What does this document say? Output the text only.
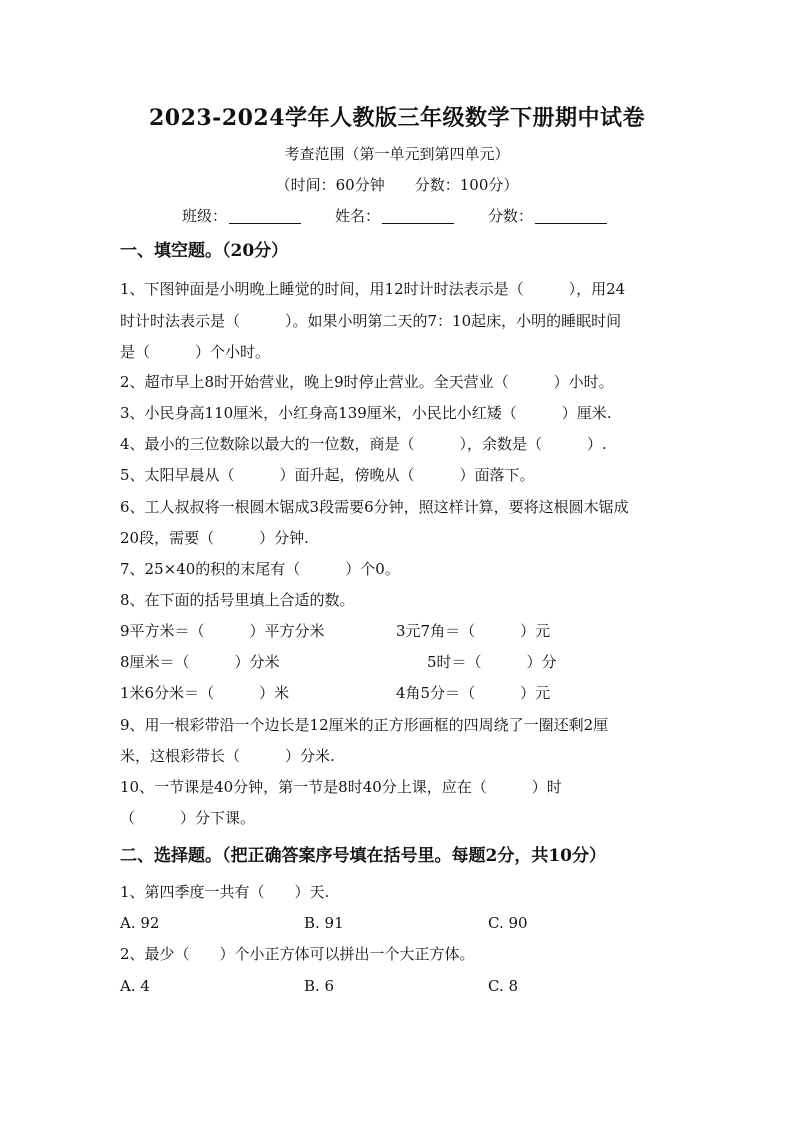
2023-2024学年人教版三年级数学下册期中试卷
考查范围（第一单元到第四单元）
（时间：60分钟　　分数：100分）
班级：	姓名：	分数：
一、填空题。（20分）
1、下图钟面是小明晚上睡觉的时间，用12时计时法表示是（　　　），用24
时计时法表示是（　　　）。如果小明第二天的7：10起床，小明的睡眠时间
是（　　　）个小时。
2、超市早上8时开始营业，晚上9时停止营业。全天营业（　　　）小时。
3、小民身高110厘米，小红身高139厘米，小民比小红矮（　　　）厘米.
4、最小的三位数除以最大的一位数，商是（　　　），余数是（　　　）.
5、太阳早晨从（　　　）面升起，傍晚从（　　　）面落下。
6、工人叔叔将一根圆木锯成3段需要6分钟，照这样计算，要将这根圆木锯成
20段，需要（　　　）分钟.
7、25×40的积的末尾有（　　　）个0。
8、在下面的括号里填上合适的数。
9平方米＝（　　　）平方分米	3元7角＝（　　　）元
8厘米＝（　　　）分米	5时＝（　　　）分
1米6分米＝（　　　）米	4角5分＝（　　　）元
9、用一根彩带沿一个边长是12厘米的正方形画框的四周绕了一圈还剩2厘
米，这根彩带长（　　　）分米.
10、一节课是40分钟，第一节是8时40分上课，应在（　　　）时
（　　　）分下课。
二、选择题。（把正确答案序号填在括号里。每题2分，共10分）
1、第四季度一共有（　　）天.
A. 92	B. 91	C. 90
2、最少（　　）个小正方体可以拼出一个大正方体。
A. 4	B. 6	C. 8
